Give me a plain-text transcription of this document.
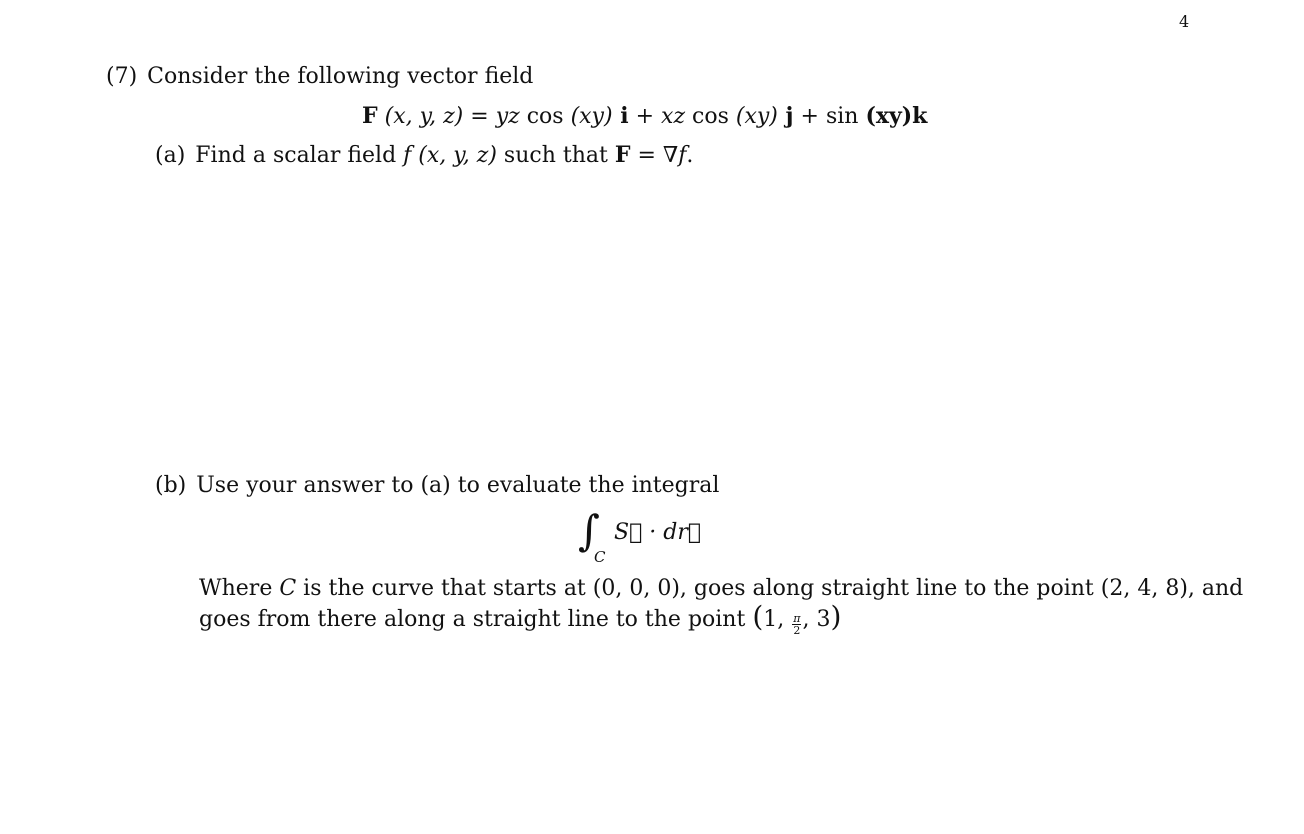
4
(7) Consider the following vector field
F (x, y, z) = yz cos (xy) i + xz cos (xy) j + sin (xy) k
(a) Find a scalar field f (x, y, z) such that F = ∇ f .
(b) Use your answer to (a) to evaluate the integral
∫
C
S⃗ · dr⃗
Where C is the curve that starts at (0, 0, 0), goes along straight line to the point (2, 4, 8), and
goes from there along a straight line to the point ( 1, $\frac{\pi}{2}$ , 3 )
